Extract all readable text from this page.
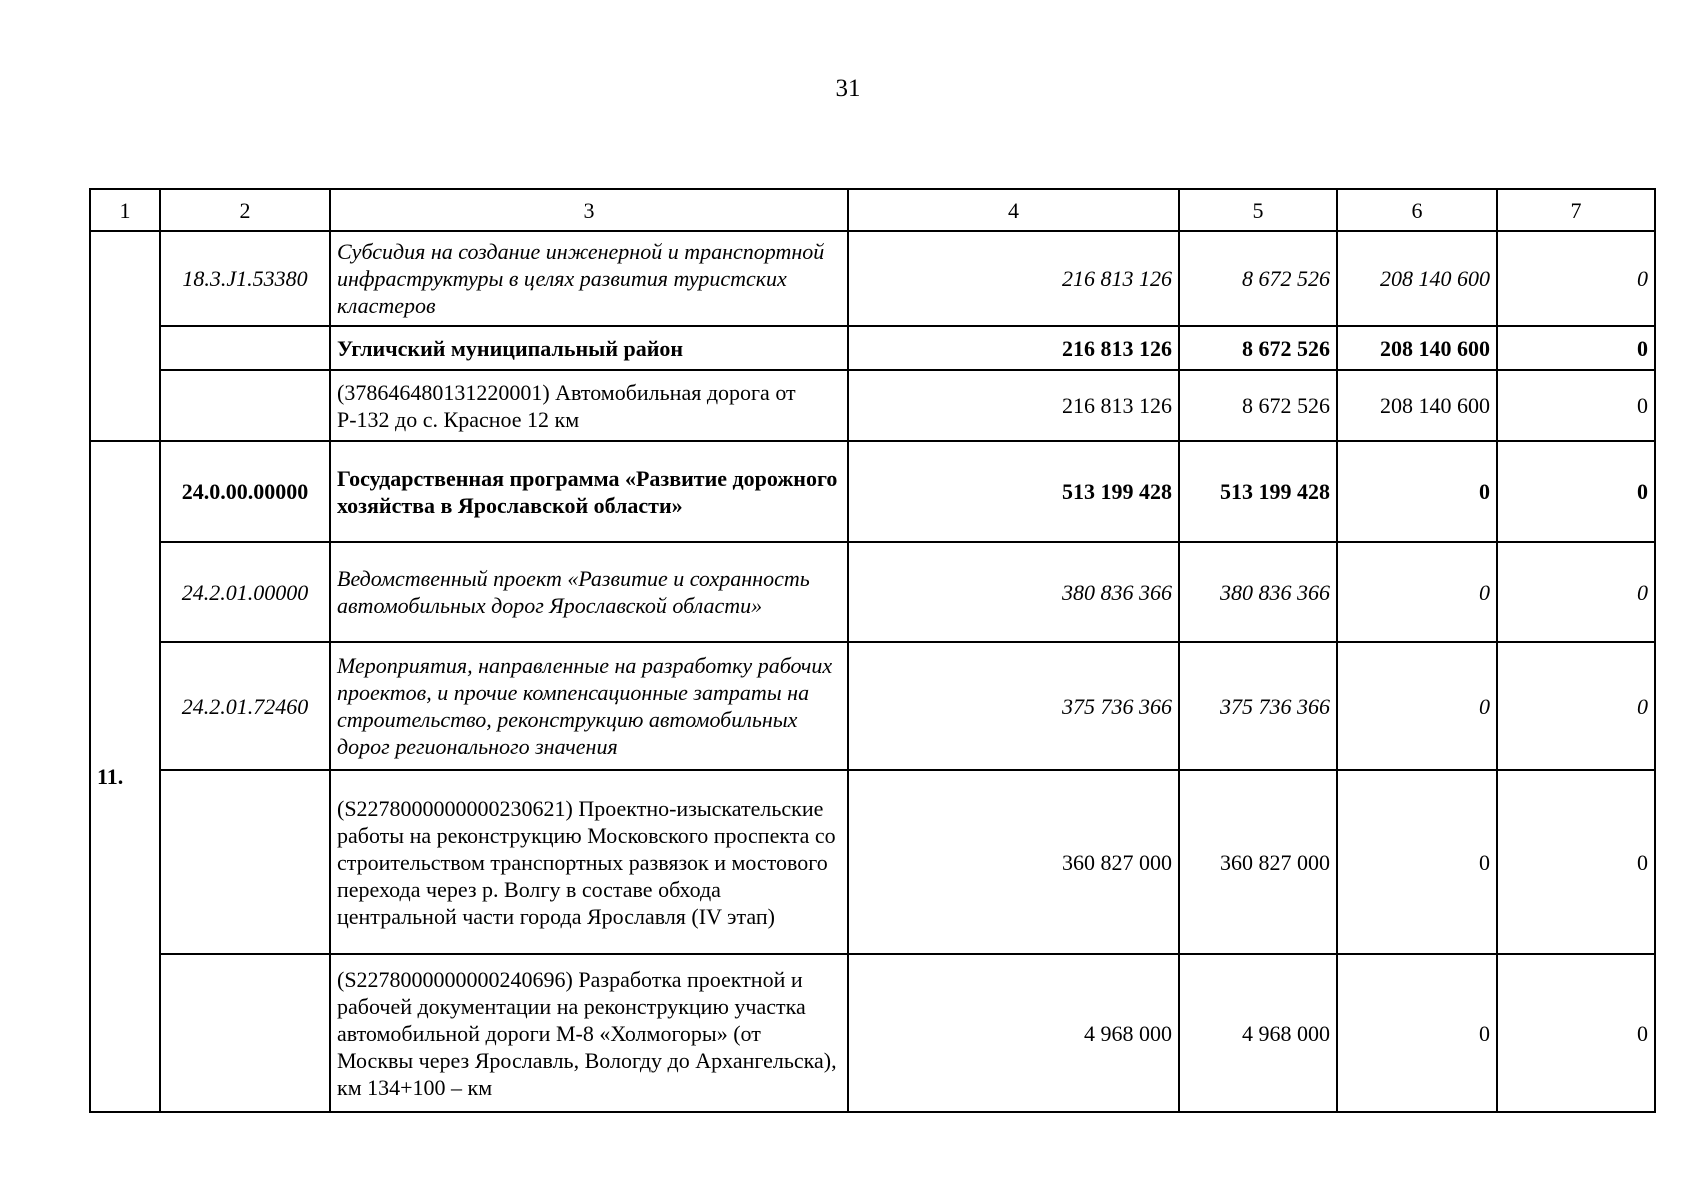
31
1	2	3	4	5	6	7
	18.3.J1.53380	Субсидия на создание инженерной и транспортной инфраструктуры в целях развития туристских кластеров	216 813 126	8 672 526	208 140 600	0
		Угличский муниципальный район	216 813 126	8 672 526	208 140 600	0
		(378646480131220001) Автомобильная дорога от Р-132 до с. Красное 12 км	216 813 126	8 672 526	208 140 600	0
11.	24.0.00.00000	Государственная программа «Развитие дорожного хозяйства в Ярославской области»	513 199 428	513 199 428	0	0
	24.2.01.00000	Ведомственный проект «Развитие и сохранность автомобильных дорог Ярославской области»	380 836 366	380 836 366	0	0
	24.2.01.72460	Мероприятия, направленные на разработку рабочих проектов, и прочие компенсационные затраты на строительство, реконструкцию автомобильных дорог регионального значения	375 736 366	375 736 366	0	0
		(S2278000000000230621) Проектно-изыскательские работы на реконструкцию Московского проспекта со строительством транспортных развязок и мостового перехода через р. Волгу в составе обхода центральной части города Ярославля (IV этап)	360 827 000	360 827 000	0	0
		(S2278000000000240696) Разработка проектной и рабочей документации на реконструкцию участка автомобильной дороги М-8 «Холмогоры» (от Москвы через Ярославль, Вологду до Архангельска), км 134+100 – км	4 968 000	4 968 000	0	0
